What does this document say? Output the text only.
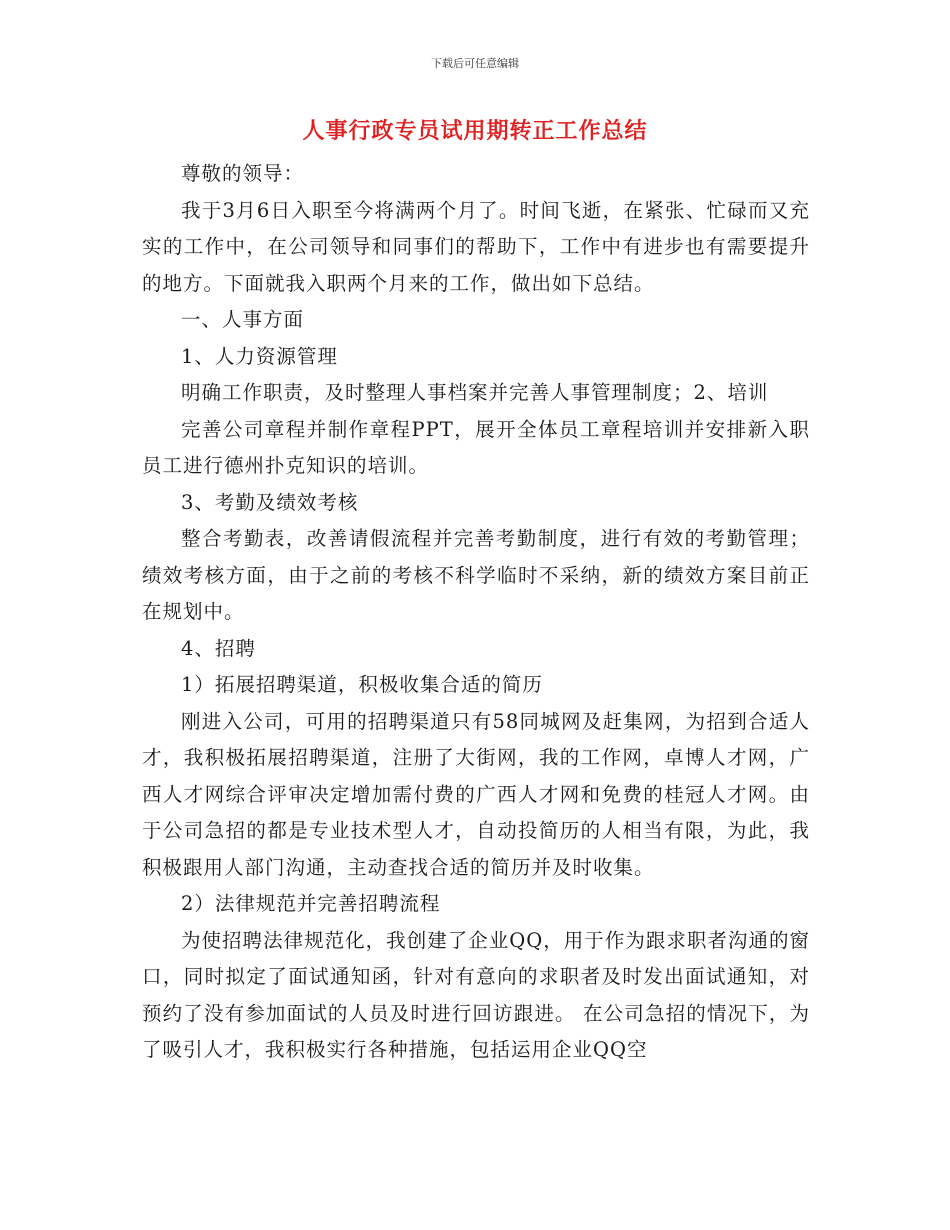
下载后可任意编辑
人事行政专员试用期转正工作总结

尊敬的领导：

我于3月6日入职至今将满两个月了。时间飞逝，在紧张、忙碌而又充实的工作中，在公司领导和同事们的帮助下，工作中有进步也有需要提升的地方。下面就我入职两个月来的工作，做出如下总结。

一、人事方面

1、人力资源管理

明确工作职责，及时整理人事档案并完善人事管理制度；2、培训

完善公司章程并制作章程PPT，展开全体员工章程培训并安排新入职员工进行德州扑克知识的培训。

3、考勤及绩效考核

整合考勤表，改善请假流程并完善考勤制度，进行有效的考勤管理；绩效考核方面，由于之前的考核不科学临时不采纳，新的绩效方案目前正在规划中。

4、招聘

1）拓展招聘渠道，积极收集合适的简历

刚进入公司，可用的招聘渠道只有58同城网及赶集网，为招到合适人才，我积极拓展招聘渠道，注册了大街网，我的工作网，卓博人才网，广西人才网综合评审决定增加需付费的广西人才网和免费的桂冠人才网。由于公司急招的都是专业技术型人才，自动投简历的人相当有限，为此，我积极跟用人部门沟通，主动查找合适的简历并及时收集。

2）法律规范并完善招聘流程

为使招聘法律规范化，我创建了企业QQ，用于作为跟求职者沟通的窗口，同时拟定了面试通知函，针对有意向的求职者及时发出面试通知，对预约了没有参加面试的人员及时进行回访跟进。 在公司急招的情况下，为了吸引人才，我积极实行各种措施，包括运用企业QQ空
